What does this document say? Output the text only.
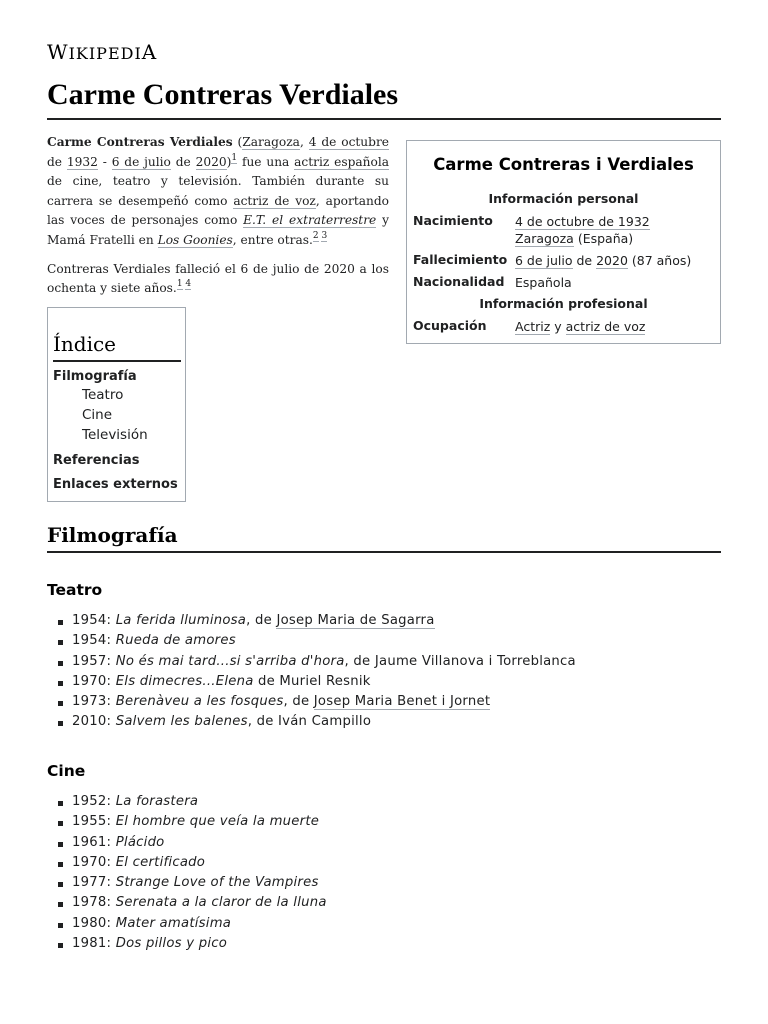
WIKIPEDIA
Carme Contreras Verdiales

Carme Contreras Verdiales (Zaragoza, 4 de octubre de 1932 - 6 de julio de 2020)$^1$ fue una actriz española de cine, teatro y televisión. También durante su carrera se desempeñó como actriz de voz, aportando las voces de personajes como E.T. el extraterrestre y Mamá Fratelli en Los Goonies, entre otras.$^{2 3}$

Contreras Verdiales falleció el 6 de julio de 2020 a los ochenta y siete años.$^{1 4}$

Carme Contreras i Verdiales
Información personal
Nacimiento 4 de octubre de 1932
Zaragoza (España)
Fallecimiento 6 de julio de 2020 (87 años)
Nacionalidad Española
Información profesional
Ocupación Actriz y actriz de voz
Índice
Filmografía
Teatro
Cine
Televisión
Referencias
Enlaces externos
Filmografía
Teatro
1954: La ferida lluminosa, de Josep Maria de Sagarra
1954: Rueda de amores
1957: No és mai tard...si s'arriba d'hora, de Jaume Villanova i Torreblanca
1970: Els dimecres...Elena de Muriel Resnik
1973: Berenàveu a les fosques, de Josep Maria Benet i Jornet
2010: Salvem les balenes, de Iván Campillo
Cine
1952: La forastera
1955: El hombre que veía la muerte
1961: Plácido
1970: El certificado
1977: Strange Love of the Vampires
1978: Serenata a la claror de la lluna
1980: Mater amatísima
1981: Dos pillos y pico
